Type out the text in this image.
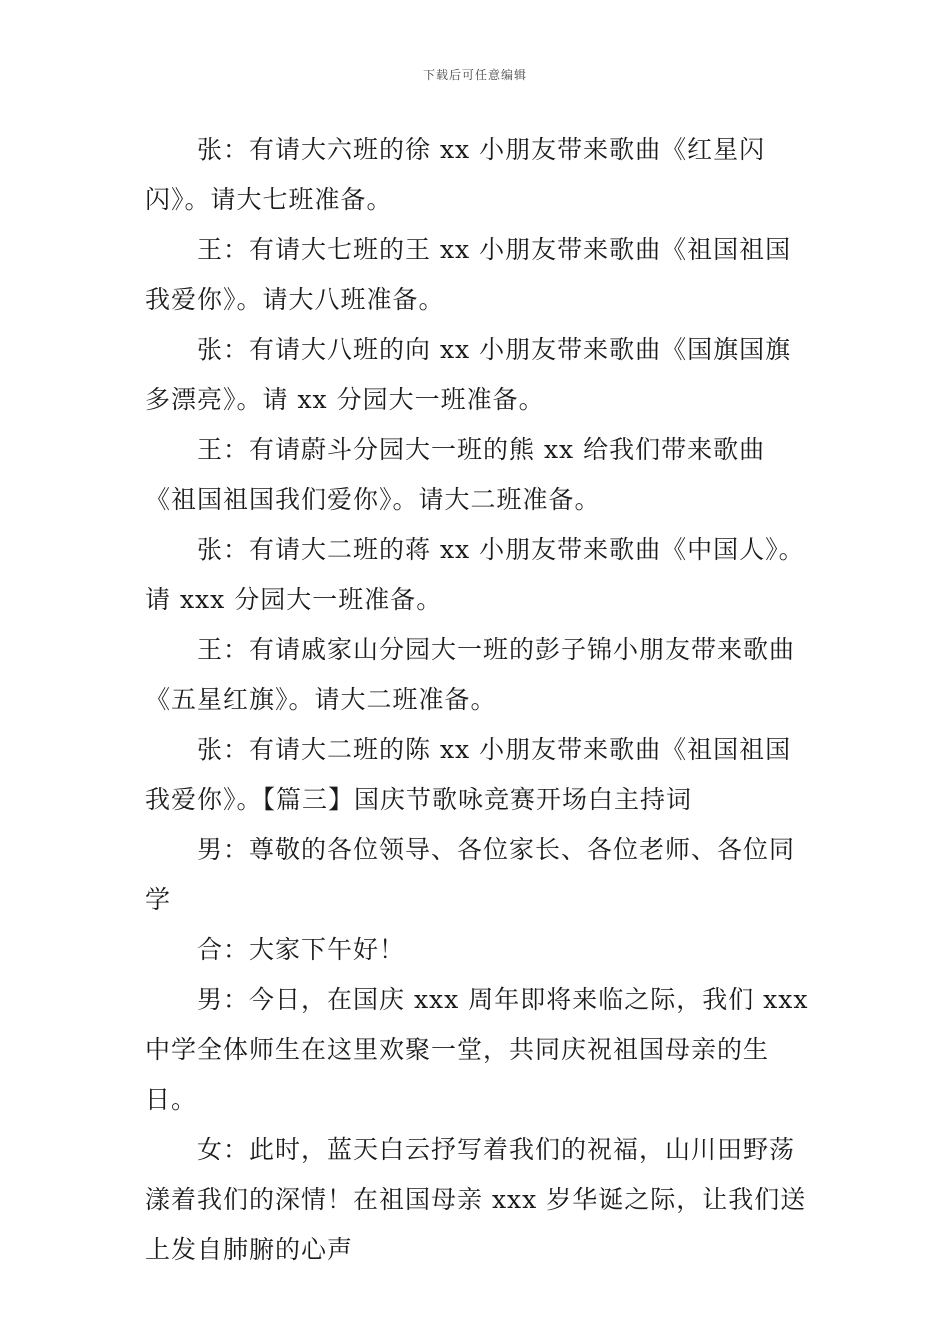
下载后可任意编辑

张：有请大六班的徐 xx 小朋友带来歌曲《红星闪闪》。请大七班准备。

王：有请大七班的王 xx 小朋友带来歌曲《祖国祖国我爱你》。请大八班准备。

张：有请大八班的向 xx 小朋友带来歌曲《国旗国旗多漂亮》。请 xx 分园大一班准备。

王：有请蔚斗分园大一班的熊 xx 给我们带来歌曲《祖国祖国我们爱你》。请大二班准备。

张：有请大二班的蒋 xx 小朋友带来歌曲《中国人》。请 xxx 分园大一班准备。

王：有请戚家山分园大一班的彭子锦小朋友带来歌曲《五星红旗》。请大二班准备。

张：有请大二班的陈 xx 小朋友带来歌曲《祖国祖国我爱你》。【篇三】国庆节歌咏竞赛开场白主持词

男：尊敬的各位领导、各位家长、各位老师、各位同学

合：大家下午好！

男：今日，在国庆 xxx 周年即将来临之际，我们 xxx 中学全体师生在这里欢聚一堂，共同庆祝祖国母亲的生日。

女：此时，蓝天白云抒写着我们的祝福，山川田野荡漾着我们的深情！在祖国母亲 xxx 岁华诞之际，让我们送上发自肺腑的心声
